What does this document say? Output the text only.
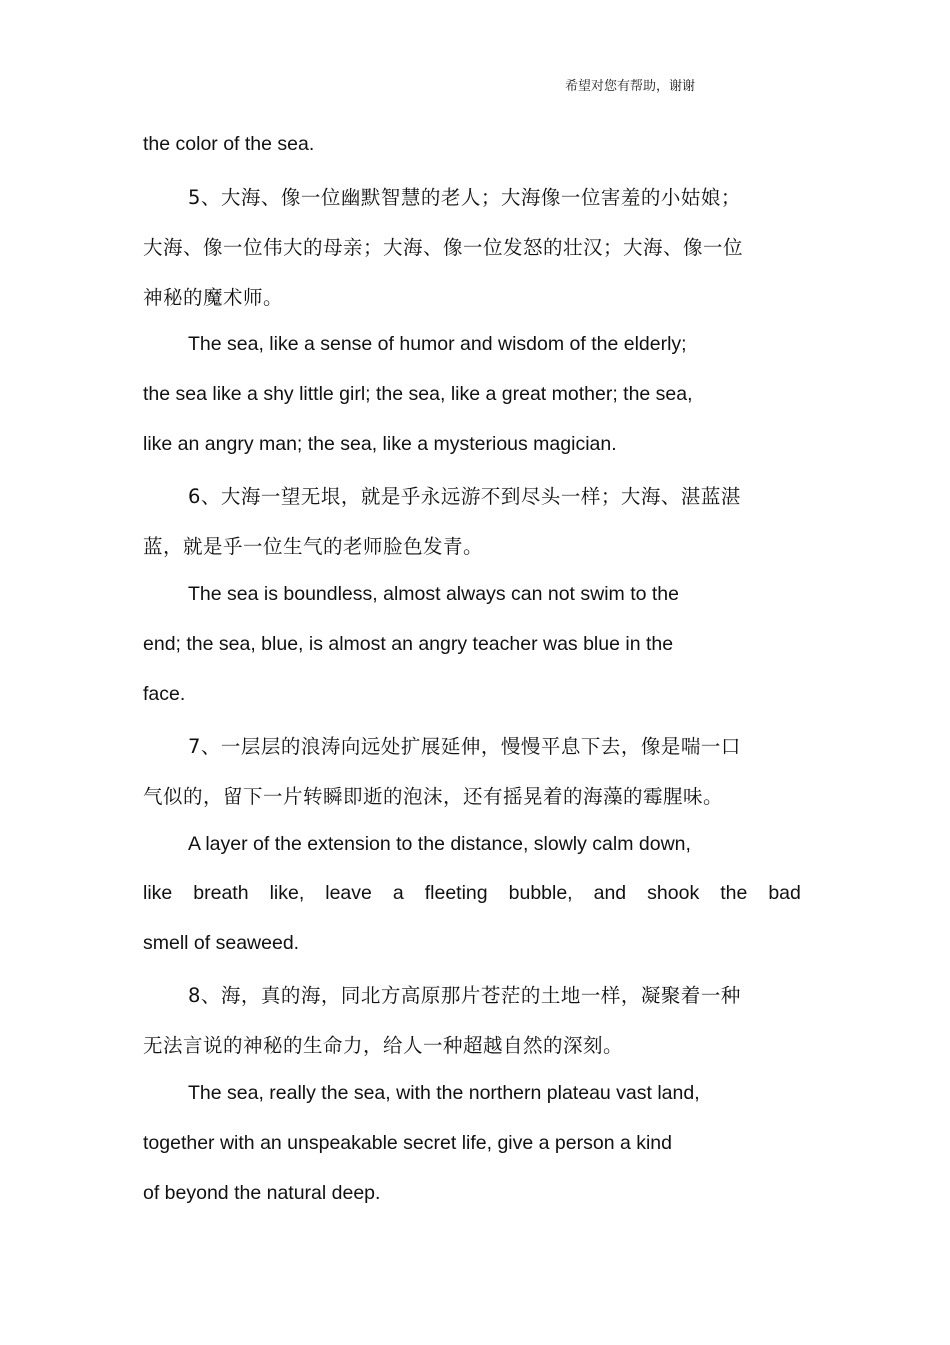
希望对您有帮助，谢谢
the color of the sea.
5、大海、像一位幽默智慧的老人；大海像一位害羞的小姑娘；
大海、像一位伟大的母亲；大海、像一位发怒的壮汉；大海、像一位
神秘的魔术师。
The sea, like a sense of humor and wisdom of the elderly;
the sea like a shy little girl; the sea, like a great mother; the sea,
like an angry man; the sea, like a mysterious magician.
6、大海一望无垠，就是乎永远游不到尽头一样；大海、湛蓝湛
蓝，就是乎一位生气的老师脸色发青。
The sea is boundless, almost always can not swim to the
end; the sea, blue, is almost an angry teacher was blue in the
face.
7、一层层的浪涛向远处扩展延伸，慢慢平息下去，像是喘一口
气似的，留下一片转瞬即逝的泡沫，还有摇晃着的海藻的霉腥味。
A layer of the extension to the distance, slowly calm down,
like breath like, leave a fleeting bubble, and shook the bad
smell of seaweed.
8、海，真的海，同北方高原那片苍茫的土地一样，凝聚着一种
无法言说的神秘的生命力，给人一种超越自然的深刻。
The sea, really the sea, with the northern plateau vast land,
together with an unspeakable secret life, give a person a kind
of beyond the natural deep.
